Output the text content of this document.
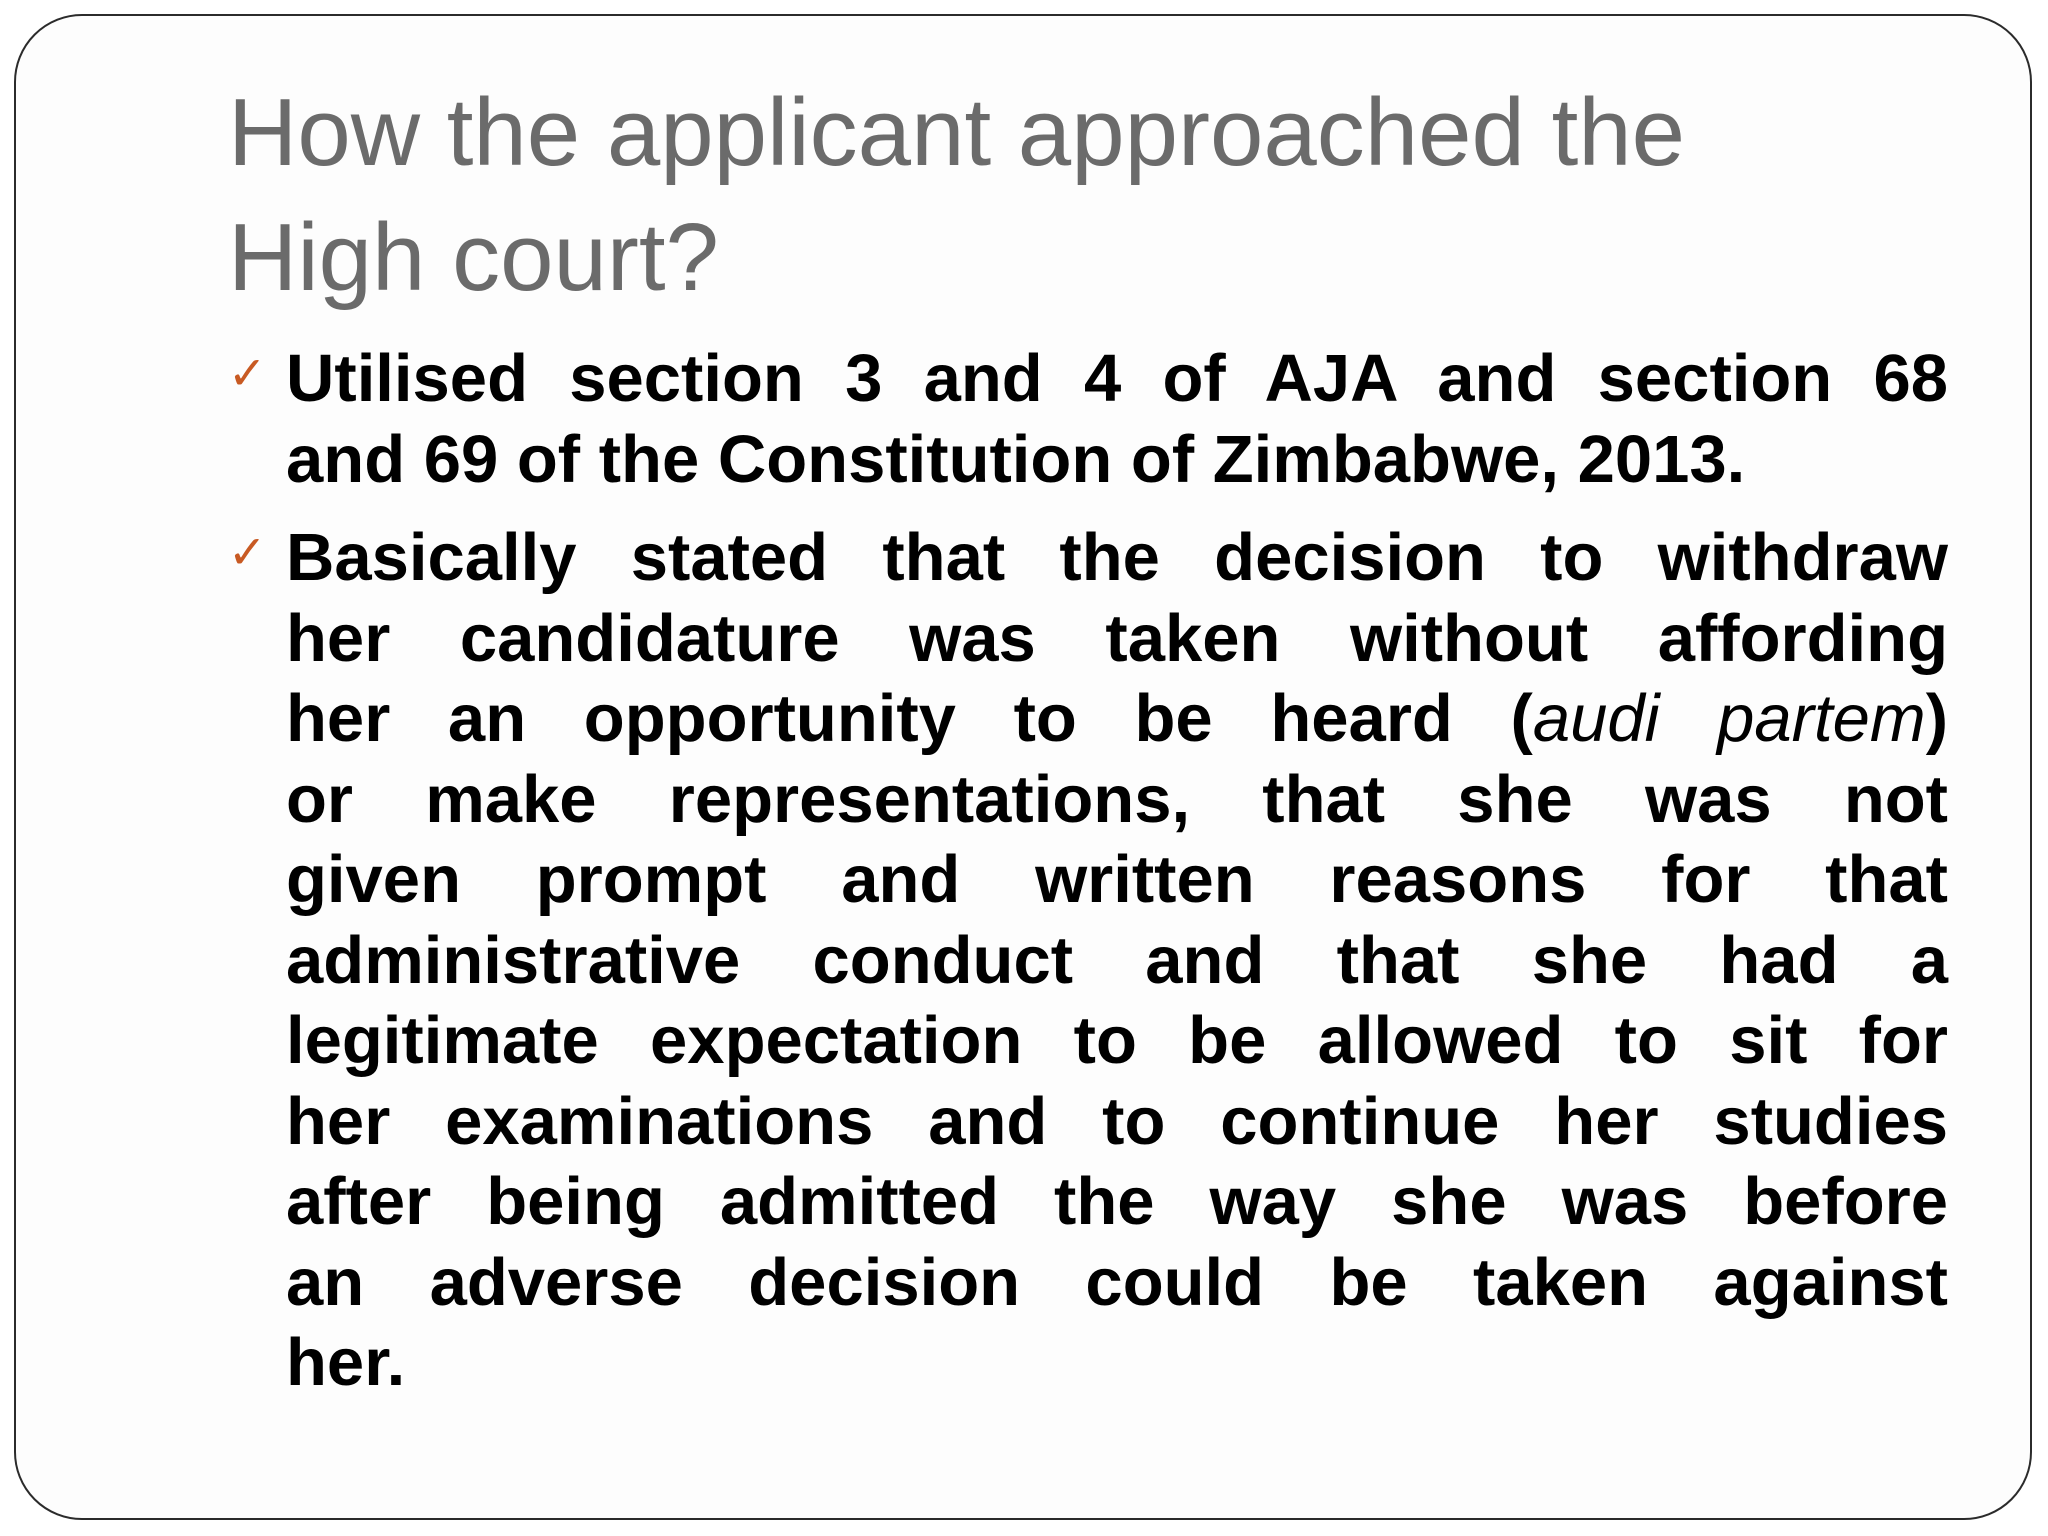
How the applicant approached the
High court?
✓ Utilised section 3 and 4 of AJA and section 68
and 69 of the Constitution of Zimbabwe, 2013.
✓ Basically stated that the decision to withdraw
her candidature was taken without affording
her an opportunity to be heard (audi partem)
or make representations, that she was not
given prompt and written reasons for that
administrative conduct and that she had a
legitimate expectation to be allowed to sit for
her examinations and to continue her studies
after being admitted the way she was before
an adverse decision could be taken against
her.
